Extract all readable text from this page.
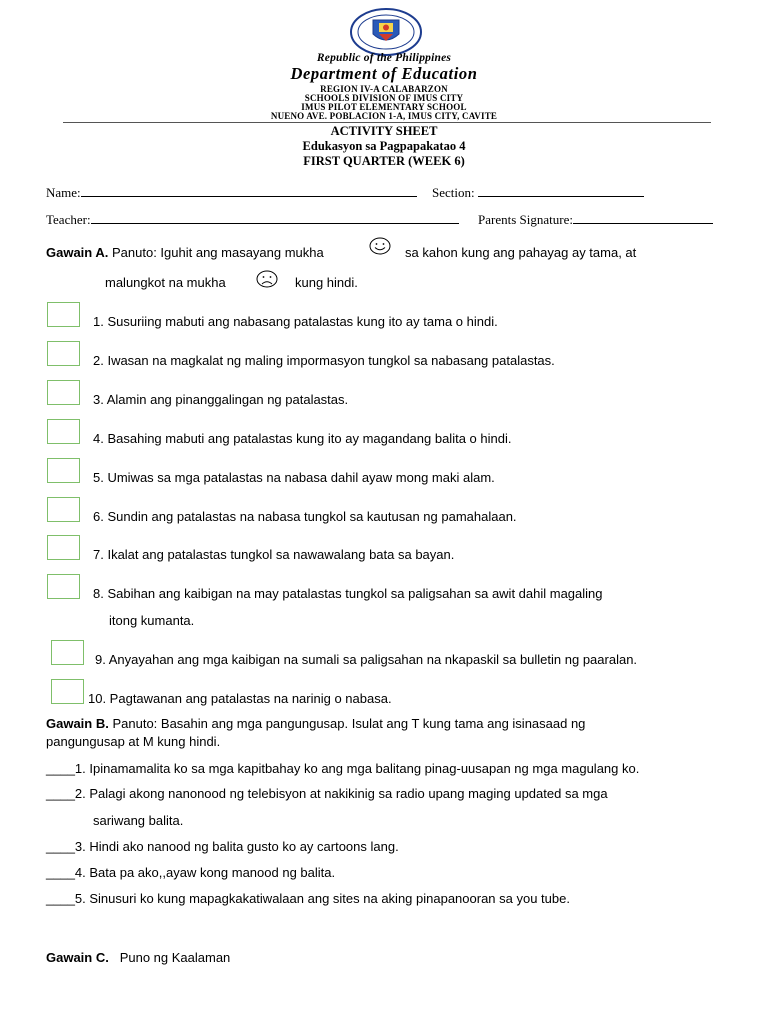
Republic of the Philippines
Department of Education
REGION IV-A CALABARZON
SCHOOLS DIVISION OF IMUS CITY
IMUS PILOT ELEMENTARY SCHOOL
NUENO AVE. POBLACION 1-A, IMUS CITY, CAVITE
ACTIVITY SHEET
Edukasyon sa Pagpapakatao 4
FIRST QUARTER (WEEK 6)
Name:	Section:
Teacher:	Parents Signature:
Gawain A. Panuto: Iguhit ang masayang mukha	sa kahon kung ang pahayag ay tama, at
malungkot na mukha	kung hindi.
1. Susuriing mabuti ang nabasang patalastas kung ito ay tama o hindi.
2. Iwasan na magkalat ng maling impormasyon tungkol sa nabasang patalastas.
3. Alamin ang pinanggalingan ng patalastas.
4. Basahing mabuti ang patalastas kung ito ay magandang balita o hindi.
5. Umiwas sa mga patalastas na nabasa dahil ayaw mong maki alam.
6. Sundin ang patalastas na nabasa tungkol sa kautusan ng pamahalaan.
7. Ikalat ang patalastas tungkol sa nawawalang bata sa bayan.
8. Sabihan ang kaibigan na may patalastas tungkol sa paligsahan sa awit dahil magaling
itong kumanta.
9. Anyayahan ang mga kaibigan na sumali sa paligsahan na nkapaskil sa bulletin ng paaralan.
10. Pagtawanan ang patalastas na narinig o nabasa.
Gawain B. Panuto: Basahin ang mga pangungusap. Isulat ang T kung tama ang isinasaad ng
pangungusap at M kung hindi.
____1. Ipinamamalita ko sa mga kapitbahay ko ang mga balitang pinag-uusapan ng mga magulang ko.
____2. Palagi akong nanonood ng telebisyon at nakikinig sa radio upang maging updated sa mga
sariwang balita.
____3. Hindi ako nanood ng balita gusto ko ay cartoons lang.
____4. Bata pa ako,,ayaw kong manood ng balita.
____5. Sinusuri ko kung mapagkakatiwalaan ang sites na aking pinapanooran sa you tube.
Gawain C. Puno ng Kaalaman
